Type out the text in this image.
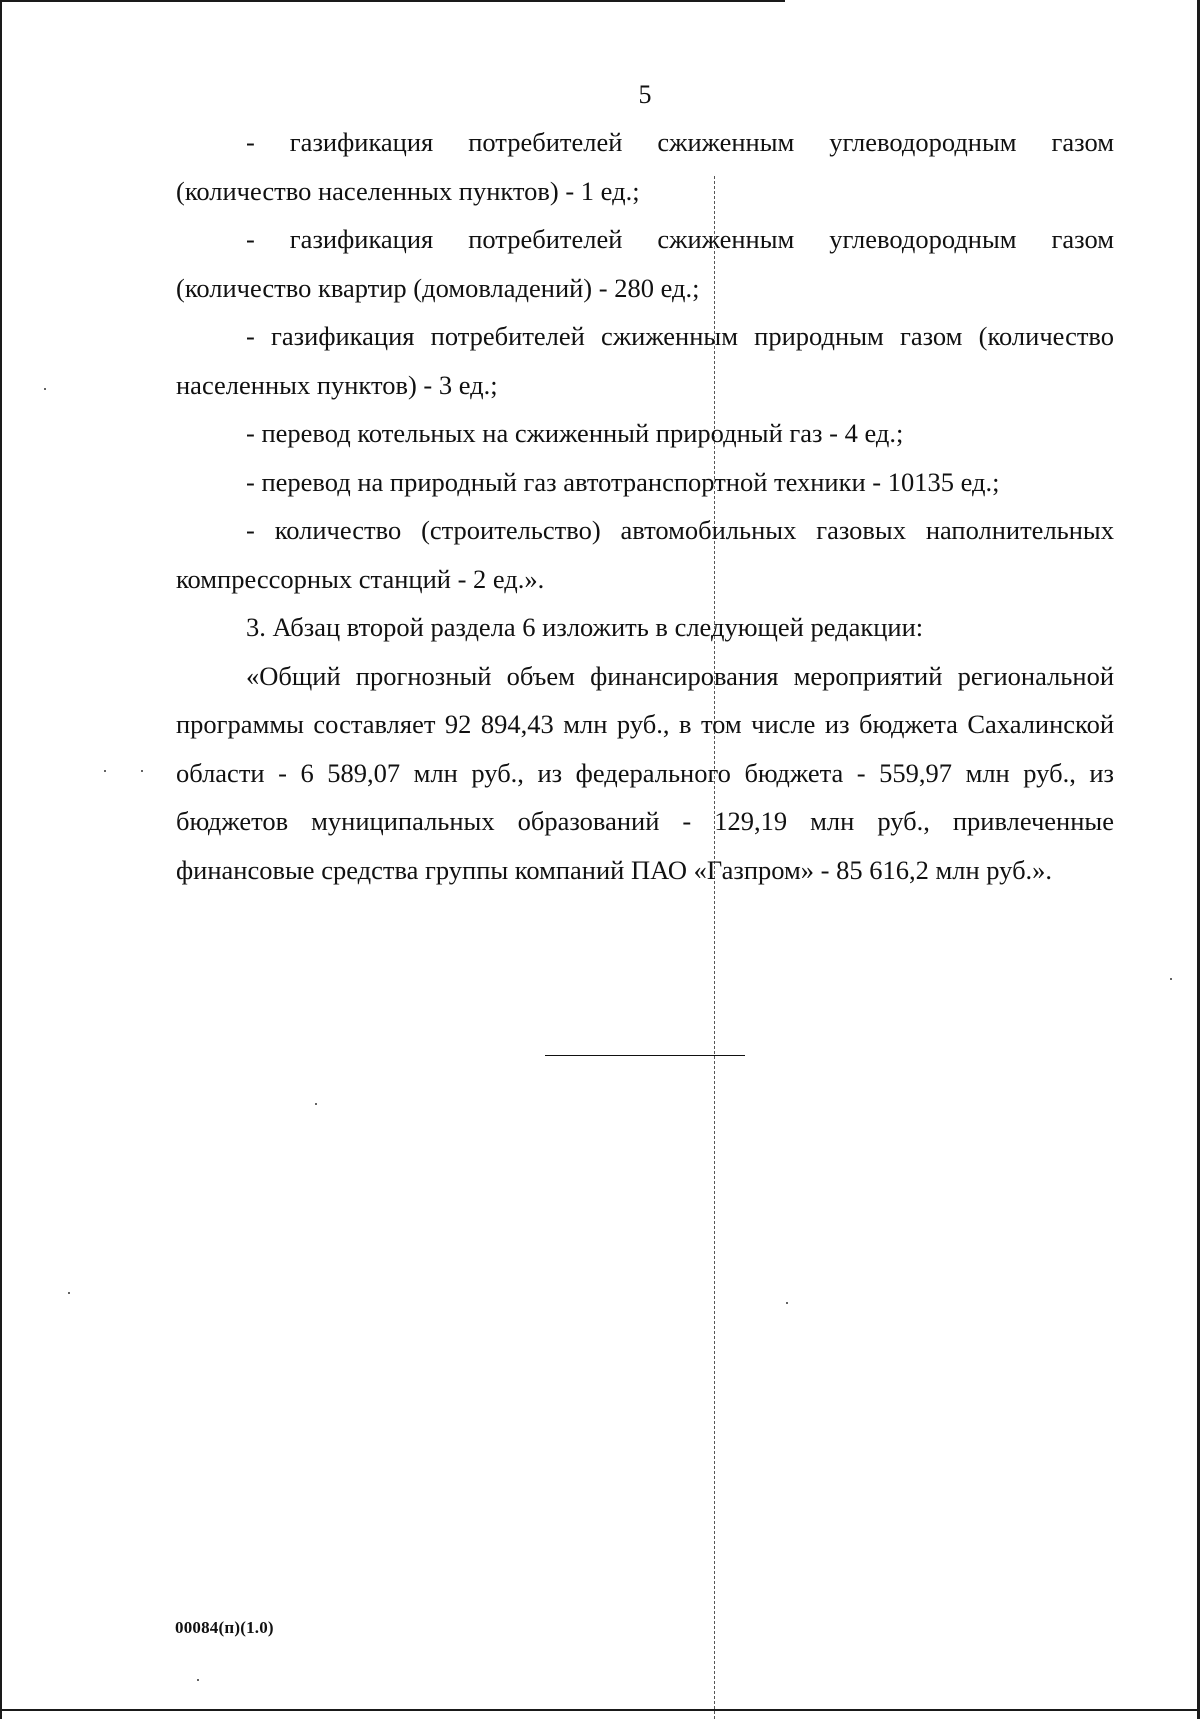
5

- газификация потребителей сжиженным углеводородным газом (количество населенных пунктов) - 1 ед.;

- газификация потребителей сжиженным углеводородным газом (количество квартир (домовладений) - 280 ед.;

- газификация потребителей сжиженным природным газом (количество населенных пунктов) - 3 ед.;

- перевод котельных на сжиженный природный газ - 4 ед.;

- перевод на природный газ автотранспортной техники - 10135 ед.;

- количество (строительство) автомобильных газовых наполнительных компрессорных станций - 2 ед.».

3. Абзац второй раздела 6 изложить в следующей редакции:

«Общий прогнозный объем финансирования мероприятий региональной программы составляет 92 894,43 млн руб., в том числе из бюджета Сахалинской области - 6 589,07 млн руб., из федерального бюджета - 559,97 млн руб., из бюджетов муниципальных образований - 129,19 млн руб., привлеченные финансовые средства группы компаний ПАО «Газпром» - 85 616,2 млн руб.».

00084(п)(1.0)
